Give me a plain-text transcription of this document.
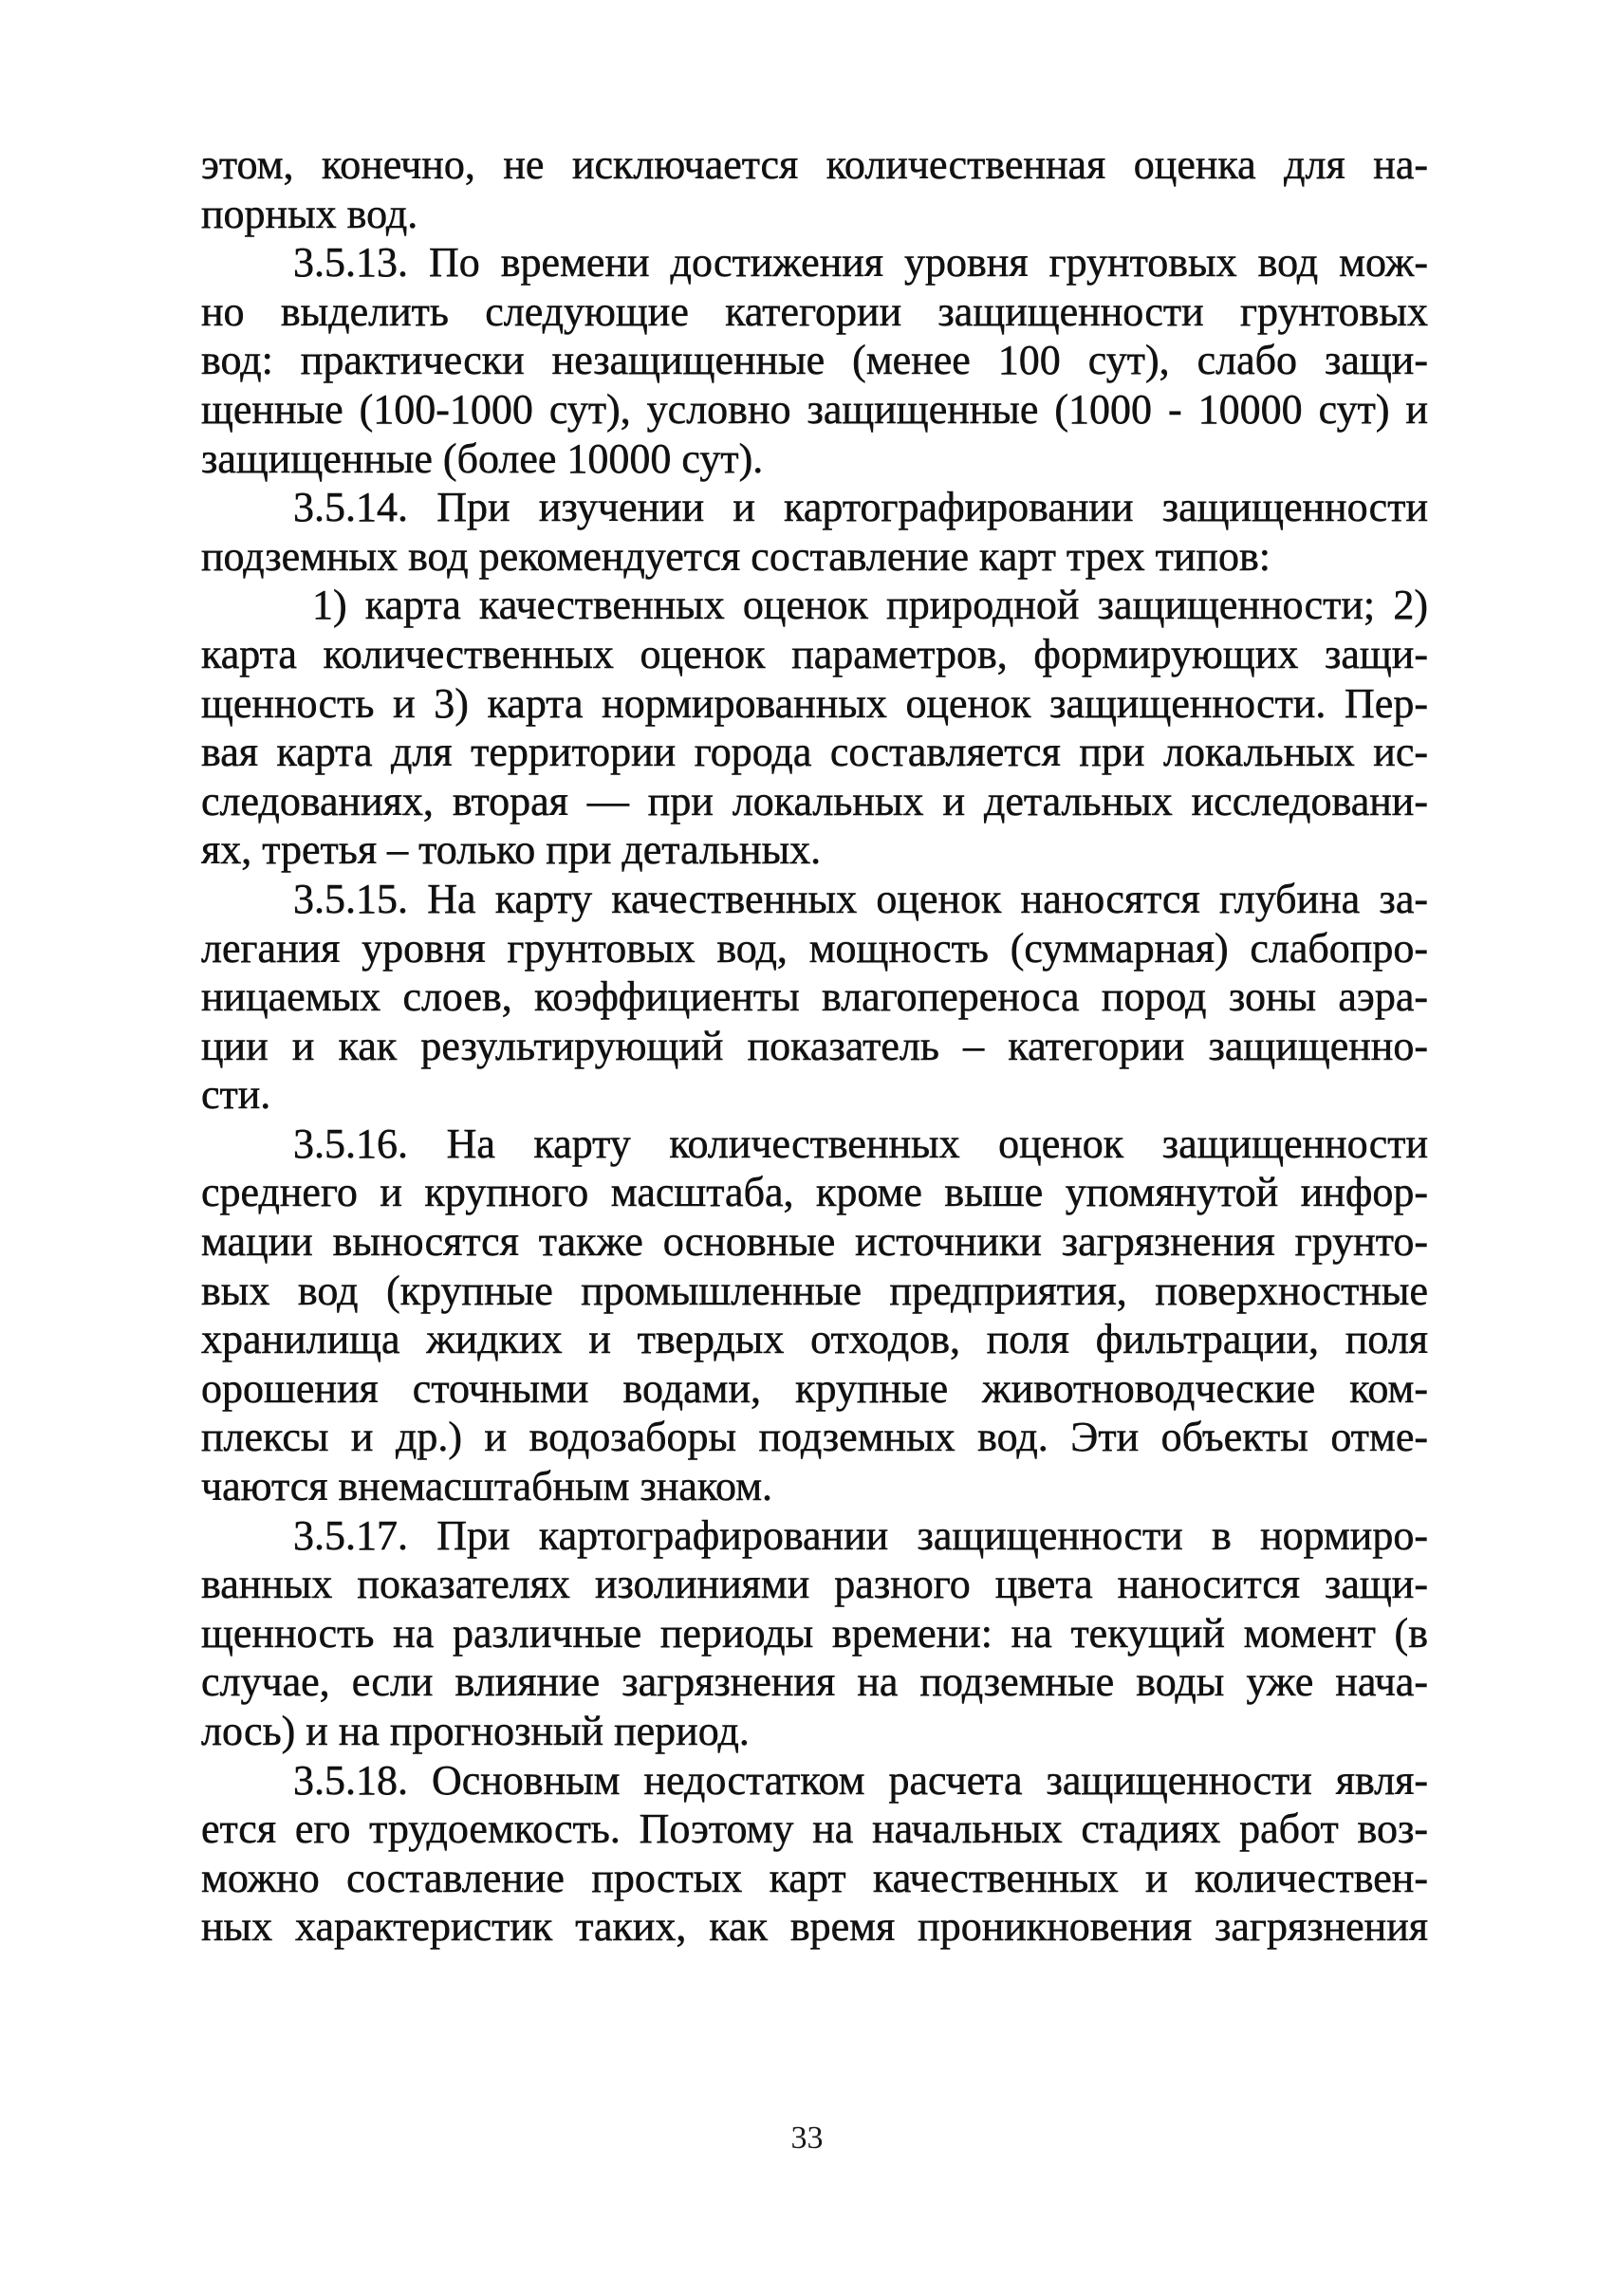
этом, конечно, не исключается количественная оценка для на-
порных вод.
3.5.13. По времени достижения уровня грунтовых вод мож-
но выделить следующие категории защищенности грунтовых
вод: практически незащищенные (менее 100 сут), слабо защи-
щенные (100-1000 сут), условно защищенные (1000 - 10000 сут) и
защищенные (более 10000 сут).
3.5.14. При изучении и картографировании защищенности
подземных вод рекомендуется составление карт трех типов:
1) карта качественных оценок природной защищенности; 2)
карта количественных оценок параметров, формирующих защи-
щенность и 3) карта нормированных оценок защищенности. Пер-
вая карта для территории города составляется при локальных ис-
следованиях, вторая — при локальных и детальных исследовани-
ях, третья – только при детальных.
3.5.15. На карту качественных оценок наносятся глубина за-
легания уровня грунтовых вод, мощность (суммарная) слабопро-
ницаемых слоев, коэффициенты влагопереноса пород зоны аэра-
ции и как результирующий показатель – категории защищенно-
сти.
3.5.16. На карту количественных оценок защищенности
среднего и крупного масштаба, кроме выше упомянутой инфор-
мации выносятся также основные источники загрязнения грунто-
вых вод (крупные промышленные предприятия, поверхностные
хранилища жидких и твердых отходов, поля фильтрации, поля
орошения сточными водами, крупные животноводческие ком-
плексы и др.) и водозаборы подземных вод. Эти объекты отме-
чаются внемасштабным знаком.
3.5.17. При картографировании защищенности в нормиро-
ванных показателях изолиниями разного цвета наносится защи-
щенность на различные периоды времени: на текущий момент (в
случае, если влияние загрязнения на подземные воды уже нача-
лось) и на прогнозный период.
3.5.18. Основным недостатком расчета защищенности явля-
ется его трудоемкость. Поэтому на начальных стадиях работ воз-
можно составление простых карт качественных и количествен-
ных характеристик таких, как время проникновения загрязнения
33
